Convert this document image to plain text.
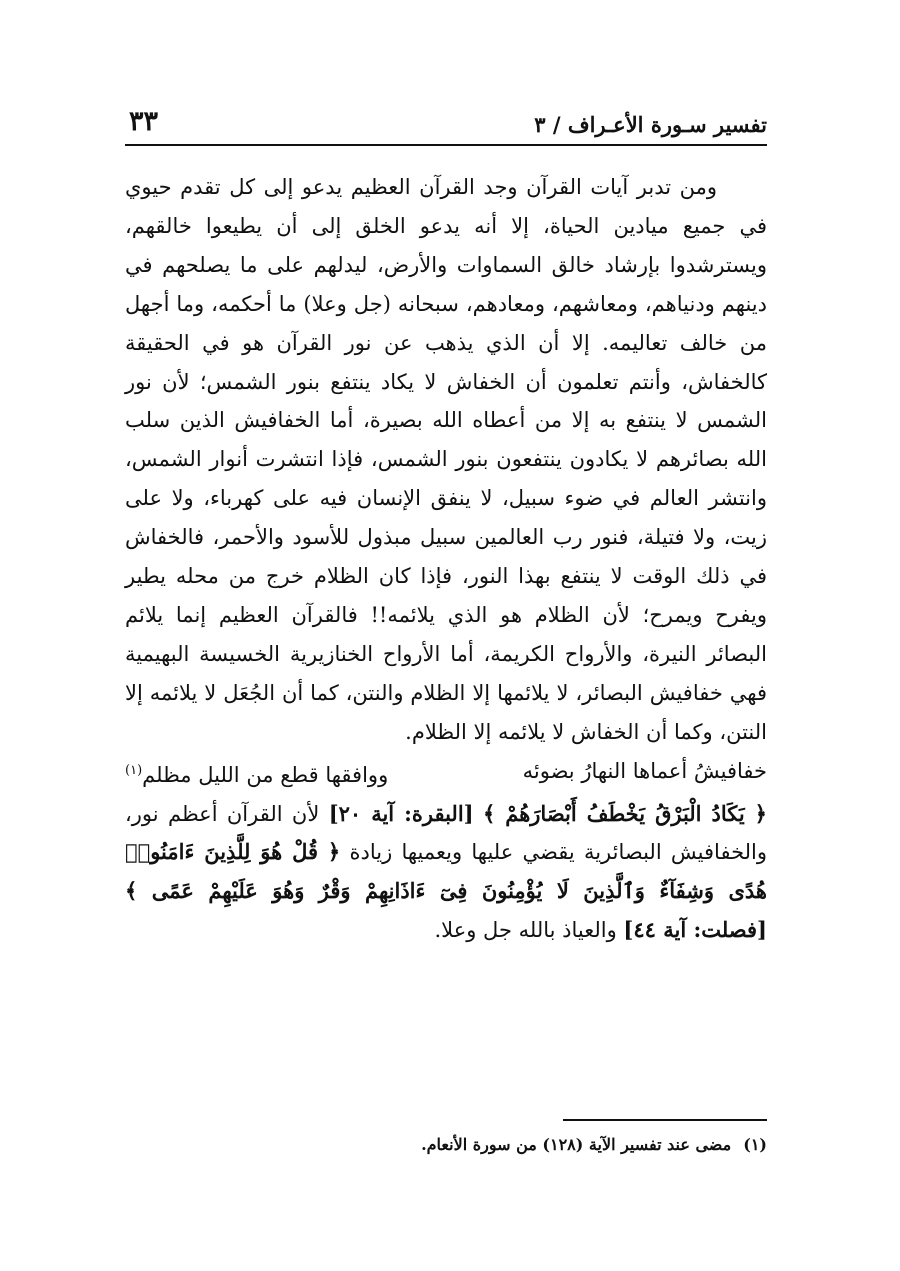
تفسير سـورة الأعـراف / ٣
٣٣

ومن تدبر آيات القرآن وجد القرآن العظيم يدعو إلى كل تقدم حيوي في جميع ميادين الحياة، إلا أنه يدعو الخلق إلى أن يطيعوا خالقهم، ويسترشدوا بإرشاد خالق السماوات والأرض، ليدلهم على ما يصلحهم في دينهم ودنياهم، ومعاشهم، ومعادهم، سبحانه (جل وعلا) ما أحكمه، وما أجهل من خالف تعاليمه. إلا أن الذي يذهب عن نور القرآن هو في الحقيقة كالخفاش، وأنتم تعلمون أن الخفاش لا يكاد ينتفع بنور الشمس؛ لأن نور الشمس لا ينتفع به إلا من أعطاه الله بصيرة، أما الخفافيش الذين سلب الله بصائرهم لا يكادون ينتفعون بنور الشمس، فإذا انتشرت أنوار الشمس، وانتشر العالم في ضوء سبيل، لا ينفق الإنسان فيه على كهرباء، ولا على زيت، ولا فتيلة، فنور رب العالمين سبيل مبذول للأسود والأحمر، فالخفاش في ذلك الوقت لا ينتفع بهذا النور، فإذا كان الظلام خرج من محله يطير ويفرح ويمرح؛ لأن الظلام هو الذي يلائمه!! فالقرآن العظيم إنما يلائم البصائر النيرة، والأرواح الكريمة، أما الأرواح الخنازيرية الخسيسة البهيمية فهي خفافيش البصائر، لا يلائمها إلا الظلام والنتن، كما أن الجُعَل لا يلائمه إلا النتن، وكما أن الخفاش لا يلائمه إلا الظلام.

خفافيشُ أعماها النهارُ بضوئه
ووافقها قطع من الليل مظلم$^{(١)}$

﴿ يَكَادُ الْبَرْقُ يَخْطَفُ أَبْصَارَهُمْ ﴾ [البقرة: آية ٢٠] لأن القرآن أعظم نور، والخفافيش البصائرية يقضي عليها ويعميها زيادة ﴿ قُلْ هُوَ لِلَّذِينَ ءَامَنُوا۟ هُدًى وَشِفَآءٌ وَٱلَّذِينَ لَا يُؤْمِنُونَ فِىٓ ءَاذَانِهِمْ وَقْرٌ وَهُوَ عَلَيْهِمْ عَمًى ﴾ [فصلت: آية ٤٤] والعياذ بالله جل وعلا.

(١)مضى عند تفسير الآية (١٢٨) من سورة الأنعام.
